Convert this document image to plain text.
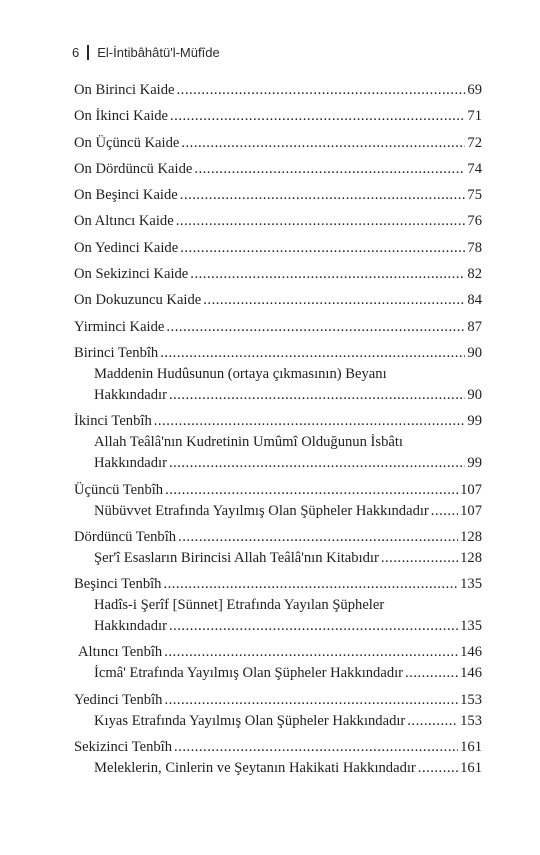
6 El-İntibâhâtü'l-Müfîde
On Birinci Kaide .....	69
On İkinci Kaide .....	71
On Üçüncü Kaide .....	72
On Dördüncü Kaide .....	74
On Beşinci Kaide .....	75
On Altıncı Kaide .....	76
On Yedinci Kaide .....	78
On Sekizinci Kaide .....	82
On Dokuzuncu Kaide .....	84
Yirminci Kaide .....	87
Birinci Tenbîh .....	90
Maddenin Hudûsunun (ortaya çıkmasının) Beyanı
Hakkındadır .....	90
İkinci Tenbîh .....	99
Allah Teâlâ'nın Kudretinin Umûmî Olduğunun İsbâtı
Hakkındadır .....	99
Üçüncü Tenbîh .....	107
Nübüvvet Etrafında Yayılmış Olan Şüpheler Hakkındadır ..... 107
Dördüncü Tenbîh .....	128
Şer'î Esasların Birincisi Allah Teâlâ'nın Kitabıdır .....	128
Beşinci Tenbîh .....	135
Hadîs-i Şerîf [Sünnet] Etrafında Yayılan Şüpheler
Hakkındadır .....	135
Altıncı Tenbîh .....	146
İcmâ' Etrafında Yayılmış Olan Şüpheler Hakkındadır .....	146
Yedinci Tenbîh .....	153
Kıyas Etrafında Yayılmış Olan Şüpheler Hakkındadır .....	153
Sekizinci Tenbîh .....	161
Meleklerin, Cinlerin ve Şeytanın Hakikati Hakkındadır .....	161
